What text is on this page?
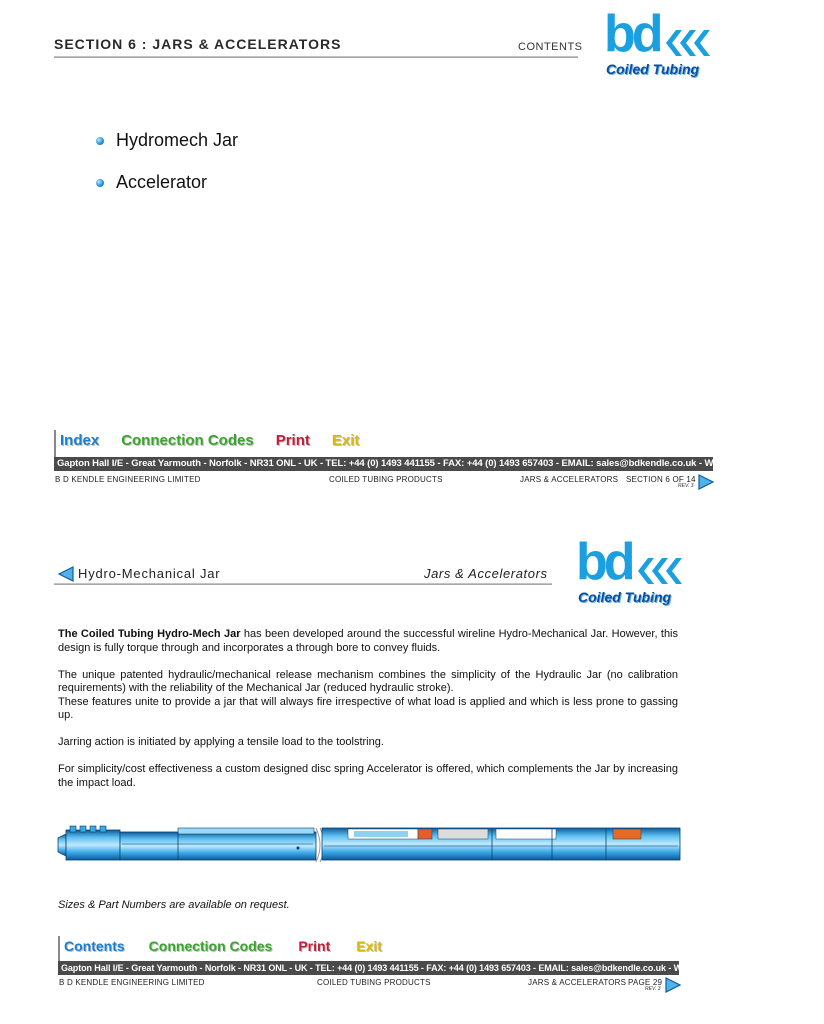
SECTION 6 : JARS & ACCELERATORS	CONTENTS bd
Coiled Tubing
Hydromech Jar
Accelerator
Index Connection Codes Print Exit
Gapton Hall I/E - Great Yarmouth - Norfolk - NR31 ONL - UK - TEL: +44 (0) 1493 441155 - FAX: +44 (0) 1493 657403 - EMAIL: sales@bdkendle.co.uk - WEB: www.bdkendle.co.uk
B D KENDLE ENGINEERING LIMITED	COILED TUBING PRODUCTS	JARS & ACCELERATORS SECTION 6 OF 14
REV. 3
Hydro-Mechanical Jar	Jars & Accelerators bd
Coiled Tubing

The Coiled Tubing Hydro-Mech Jar has been developed around the successful wireline Hydro-Mechanical Jar. However, this design is fully torque through and incorporates a through bore to convey fluids.

The unique patented hydraulic/mechanical release mechanism combines the simplicity of the Hydraulic Jar (no calibration requirements) with the reliability of the Mechanical Jar (reduced hydraulic stroke).

These features unite to provide a jar that will always fire irrespective of what load is applied and which is less prone to gassing up.

Jarring action is initiated by applying a tensile load to the toolstring.

For simplicity/cost effectiveness a custom designed disc spring Accelerator is offered, which complements the Jar by increasing the impact load.

Sizes & Part Numbers are available on request.
Contents Connection Codes Print Exit
Gapton Hall I/E - Great Yarmouth - Norfolk - NR31 ONL - UK - TEL: +44 (0) 1493 441155 - FAX: +44 (0) 1493 657403 - EMAIL: sales@bdkendle.co.uk - WEB: www.bdkendle.co.uk
B D KENDLE ENGINEERING LIMITED	COILED TUBING PRODUCTS	JARS & ACCELERATORS PAGE 29
REV. 3
